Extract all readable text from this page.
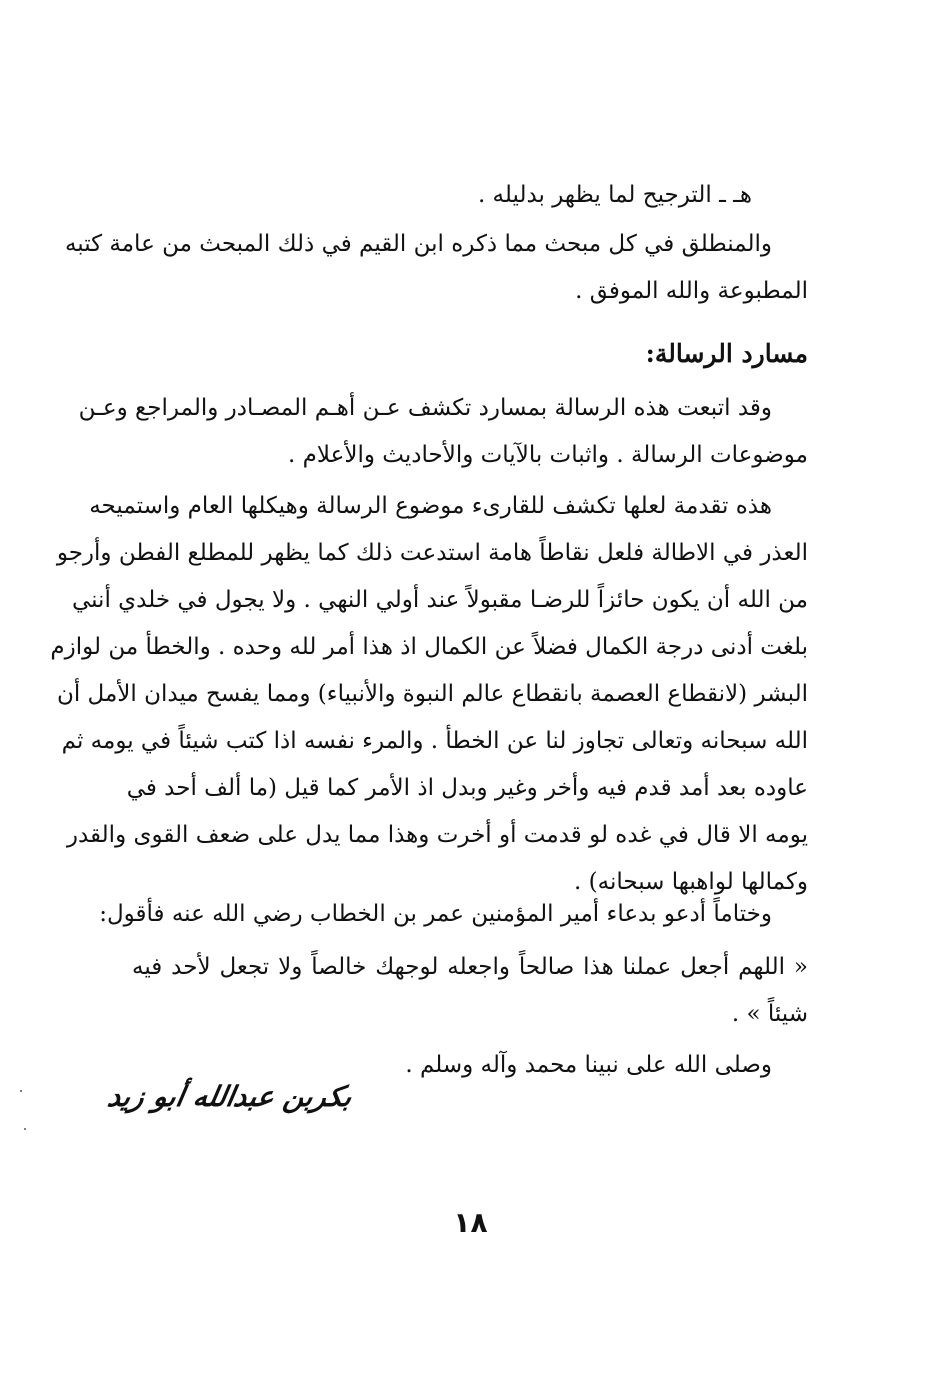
هـ ـ الترجيح لما يظهر بدليله .
والمنطلق في كل مبحث مما ذكره ابن القيم في ذلك المبحث من عامة كتبه
المطبوعة والله الموفق .
مسارد الرسالة:
وقد اتبعت هذه الرسالة بمسارد تكشف عـن أهـم المصـادر والمراجع وعـن
موضوعات الرسالة . واثبات بالآيات والأحاديث والأعلام .
هذه تقدمة لعلها تكشف للقارىء موضوع الرسالة وهيكلها العام واستميحه
العذر في الاطالة فلعل نقاطاً هامة استدعت ذلك كما يظهر للمطلع الفطن وأرجو
من الله أن يكون حائزاً للرضـا مقبولاً عند أولي النهي . ولا يجول في خلدي أنني
بلغت أدنى درجة الكمال فضلاً عن الكمال اذ هذا أمر لله وحده . والخطأ من لوازم
البشر (لانقطاع العصمة بانقطاع عالم النبوة والأنبياء) ومما يفسح ميدان الأمل أن
الله سبحانه وتعالى تجاوز لنا عن الخطأ . والمرء نفسه اذا كتب شيئاً في يومه ثم
عاوده بعد أمد قدم فيه وأخر وغير وبدل اذ الأمر كما قيل (ما ألف أحد في
يومه الا قال في غده لو قدمت أو أخرت وهذا مما يدل على ضعف القوى والقدر
وكمالها لواهبها سبحانه) .
وختاماً أدعو بدعاء أمير المؤمنين عمر بن الخطاب رضي الله عنه فأقول:
« اللهم أجعل عملنا هذا صالحاً واجعله لوجهك خالصاً ولا تجعل لأحد فيه
شيئاً » .
وصلى الله على نبينا محمد وآله وسلم .
بكربن عبدالله أبو زيد
١٨
